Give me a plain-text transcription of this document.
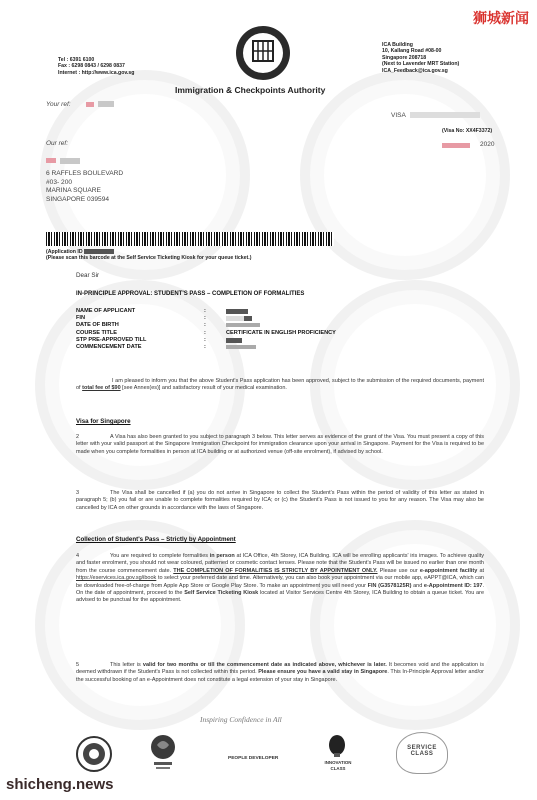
狮城新闻
Tel : 6391 6100
Fax : 6298 0843 / 6298 0837
Internet : http://www.ica.gov.sg
ICA Building
10, Kallang Road #08-00
Singapore 208718
(Next to Lavender MRT Station)
ICA_Feedback@ica.gov.sg
Immigration & Checkpoints Authority
Your ref:
VISA
(Visa No: XX4F3372)
Our ref:	2020
6 RAFFLES BOULEVARD
#03- 200
MARINA SQUARE
SINGAPORE 039594
(Application ID
(Please scan this barcode at the Self Service Ticketing Kiosk for your queue ticket.)
Dear Sir
IN-PRINCIPLE APPROVAL: STUDENT'S PASS – COMPLETION OF FORMALITIES
NAME OF APPLICANT	:
FIN	:
DATE OF BIRTH	:
COURSE TITLE	:	CERTIFICATE IN ENGLISH PROFICIENCY
STP PRE-APPROVED TILL	:
COMMENCEMENT DATE	:
I am pleased to inform you that the above Student's Pass application has been approved, subject to the submission of the required documents, payment of total fee of $90 [see Annex(es)] and satisfactory result of your medical examination.
Visa for Singapore
2	A Visa has also been granted to you subject to paragraph 3 below. This letter serves as evidence of the grant of the Visa. You must present a copy of this letter with your valid passport at the Singapore Immigration Checkpoint for immigration clearance upon your arrival in Singapore. Payment for the Visa is required to be made when you complete formalities in person at ICA building or at authorized venue (off-site enrolment), if advised by school.
3	The Visa shall be cancelled if (a) you do not arrive in Singapore to collect the Student's Pass within the period of validity of this letter as stated in paragraph 5; (b) you fail or are unable to complete formalities required by ICA; or (c) the Student's Pass is not issued to you for any reason. The Visa may also be cancelled by ICA on other grounds in accordance with the laws of Singapore.
Collection of Student's Pass – Strictly by Appointment
4	You are required to complete formalities in person at ICA Office, 4th Storey, ICA Building. ICA will be enrolling applicants' iris images. To achieve quality and faster enrolment, you should not wear coloured, patterned or cosmetic contact lenses. Please note that the Student's Pass will be issued no earlier than one month from the course commencement date. THE COMPLETION OF FORMALITIES IS STRICTLY BY APPOINTMENT ONLY. Please use our e-appointment facility at https://eservices.ica.gov.sg/ibook to select your preferred date and time. Alternatively, you can also book your appointment via our mobile app, eAPPT@ICA, which can be downloaded free-of-charge from Apple App Store or Google Play Store. To make an appointment you will need your FIN (G3578125R) and e-Appointment ID: 197. On the date of appointment, proceed to the Self Service Ticketing Kiosk located at Visitor Services Centre 4th Storey, ICA Building to obtain a queue ticket. You are advised to be punctual for the appointment.
5	This letter is valid for two months or till the commencement date as indicated above, whichever is later. It becomes void and the application is deemed withdrawn if the Student's Pass is not collected within this period. Please ensure you have a valid stay in Singapore. This In-Principle Approval letter and/or the successful booking of an e-Appointment does not constitute a legal extension of your stay in Singapore.
Inspiring Confidence in All
PEOPLE DEVELOPER
INNOVATION CLASS
SERVICE CLASS
shicheng.news
